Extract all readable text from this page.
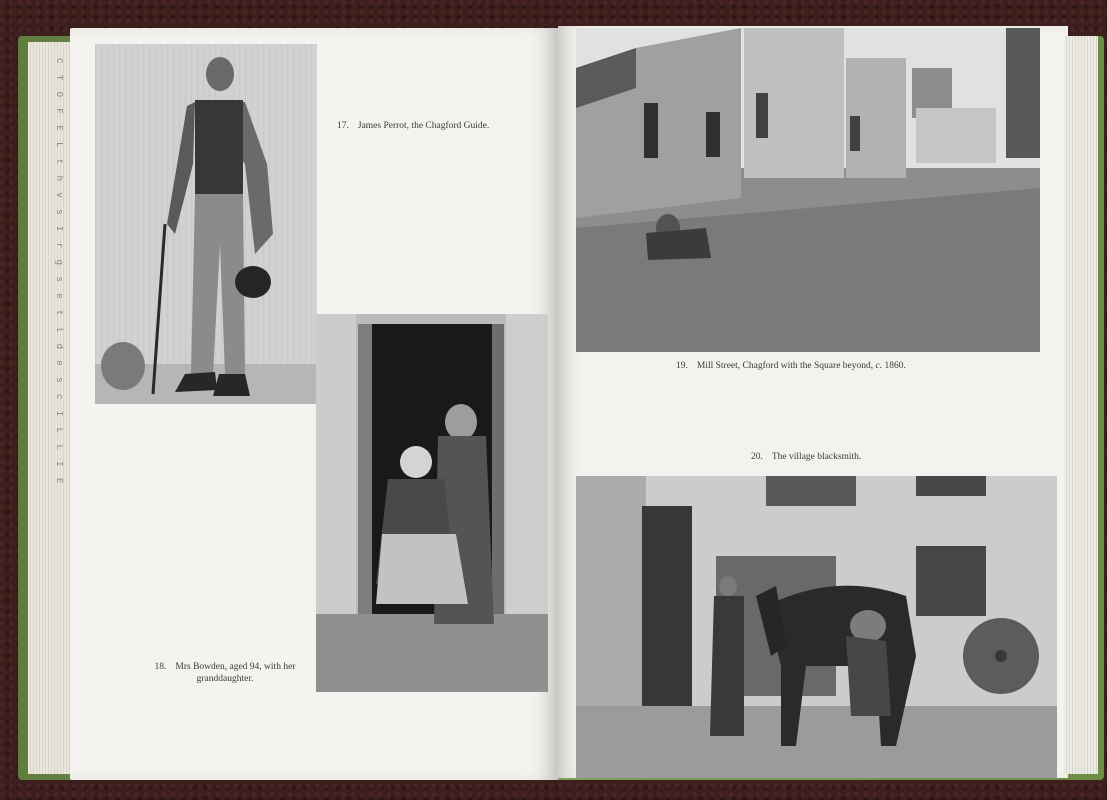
C T O F E L t h v s I r g s e t i d e s c I L L I E	17. James Perrot, the Chagford Guide.
18. Mrs Bowden, aged 94, with her granddaughter.
19. Mill Street, Chagford with the Square beyond, c. 1860.
20. The village blacksmith.
